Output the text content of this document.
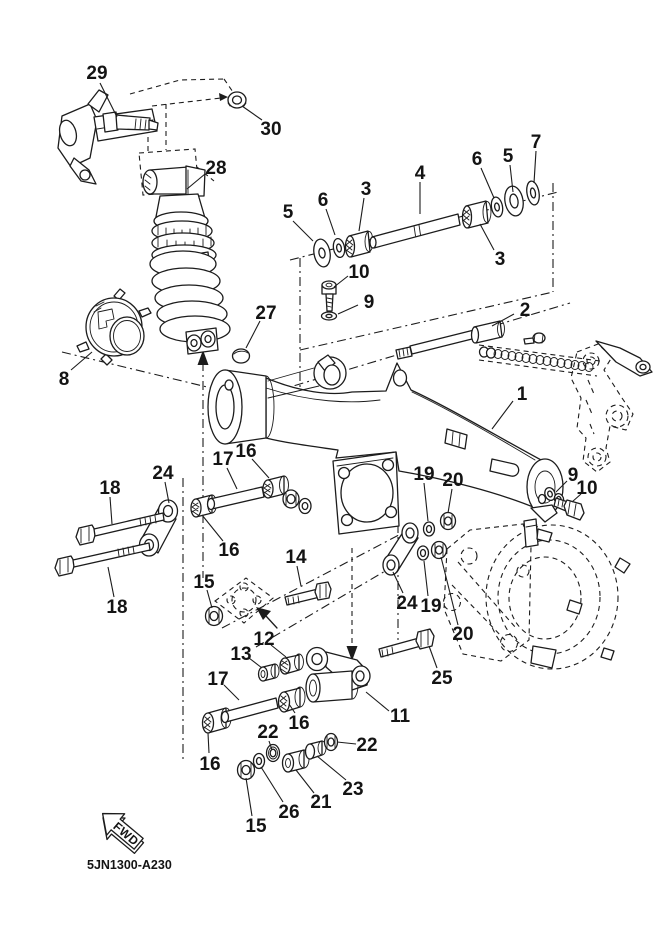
FWD
5JN1300-A230
29
30
28
5
6
3
4
6 5
7
3
10
9
27	2
8
1
9
10
17 16
18
24
16 14
15
18
19 20
24 19
20
25
12
13
17
11
16
16
22
22
23
21
26
15
